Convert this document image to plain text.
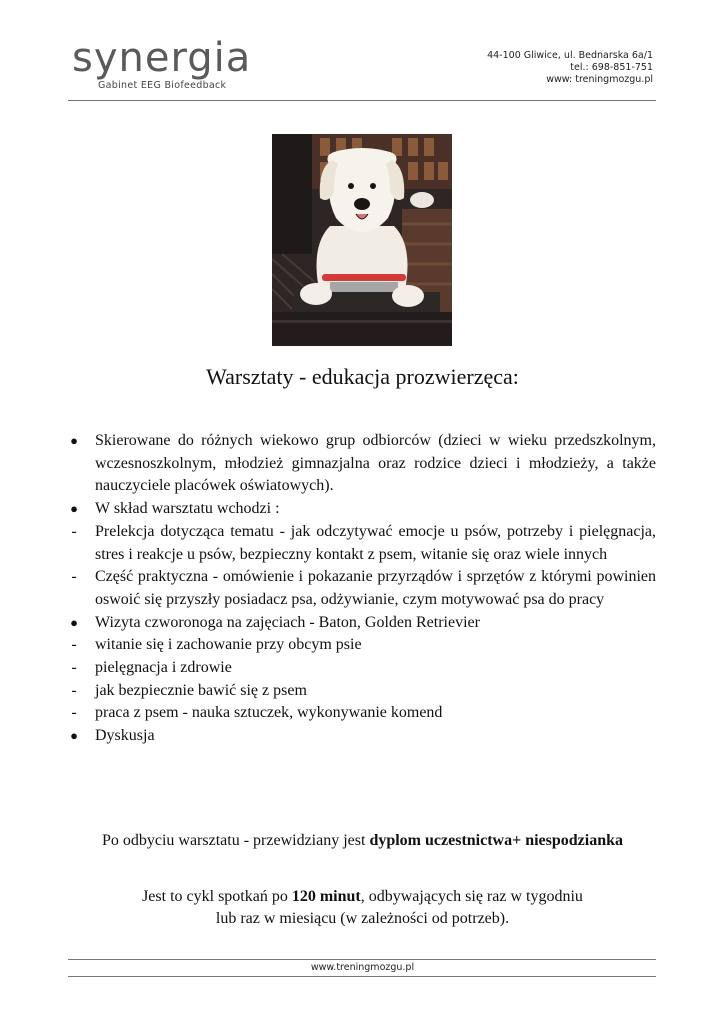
synergia
Gabinet EEG Biofeedback
44-100 Gliwice, ul. Bednarska 6a/1
tel.: 698-851-751
www: treningmozgu.pl
Warsztaty - edukacja prozwierzęca:
●	Skierowane do różnych wiekowo grup odbiorców (dzieci w wieku przedszkolnym, wczesnoszkolnym, młodzież gimnazjalna oraz rodzice dzieci i młodzieży, a także nauczyciele placówek oświatowych).
●	W skład warsztatu wchodzi :
-	Prelekcja dotycząca tematu - jak odczytywać emocje u psów, potrzeby i pielęgnacja, stres i reakcje u psów, bezpieczny kontakt z psem, witanie się oraz wiele innych
-	Część praktyczna - omówienie i pokazanie przyrządów i sprzętów z którymi powinien oswoić się przyszły posiadacz psa, odżywianie, czym motywować psa do pracy
●	Wizyta czworonoga na zajęciach - Baton, Golden Retrievier
-	witanie się i zachowanie przy obcym psie
-	pielęgnacja i zdrowie
-	jak bezpiecznie bawić się z psem
-	praca z psem - nauka sztuczek, wykonywanie komend
●	Dyskusja
Po odbyciu warsztatu - przewidziany jest dyplom uczestnictwa+ niespodzianka
Jest to cykl spotkań po 120 minut, odbywających się raz w tygodniu
lub raz w miesiącu (w zależności od potrzeb).
www.treningmozgu.pl
